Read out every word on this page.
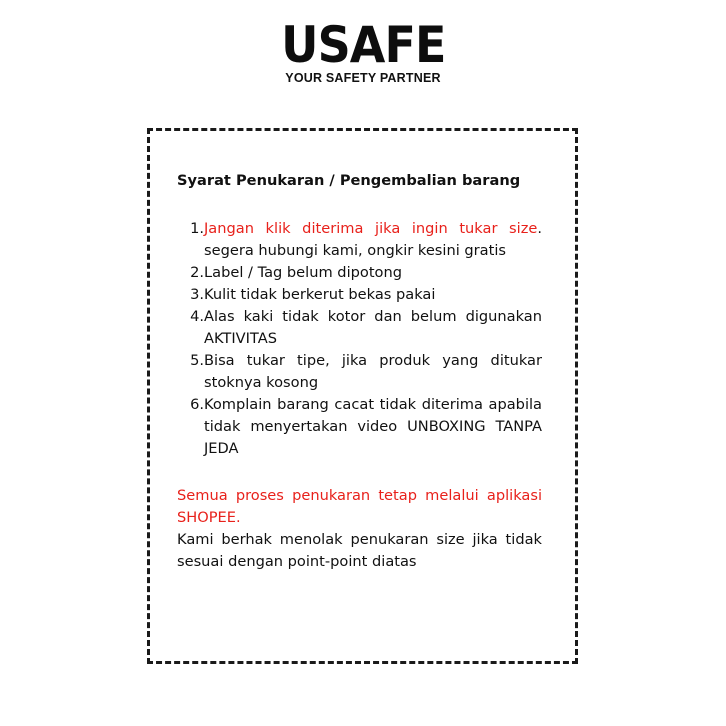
USAFE
YOUR SAFETY PARTNER

Syarat Penukaran / Pengembalian barang

1. Jangan klik diterima jika ingin tukar size. segera hubungi kami, ongkir kesini gratis
2. Label / Tag belum dipotong
3. Kulit tidak berkerut bekas pakai
4. Alas kaki tidak kotor dan belum digunakan AKTIVITAS
5. Bisa tukar tipe, jika produk yang ditukar stoknya kosong
6. Komplain barang cacat tidak diterima apabila tidak menyertakan video UNBOXING TANPA JEDA

Semua proses penukaran tetap melalui aplikasi SHOPEE.

Kami berhak menolak penukaran size jika tidak sesuai dengan point-point diatas
